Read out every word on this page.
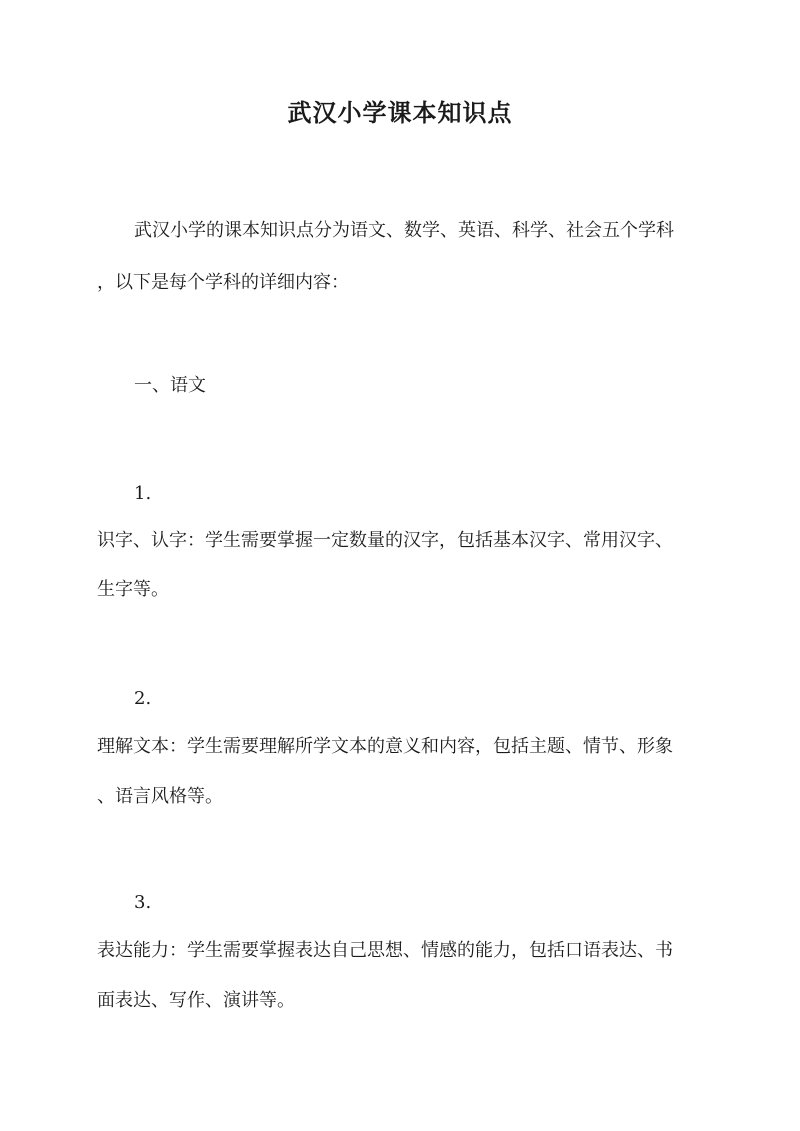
武汉小学课本知识点
武汉小学的课本知识点分为语文、数学、英语、科学、社会五个学科
，以下是每个学科的详细内容：
一、语文
1.
识字、认字：学生需要掌握一定数量的汉字，包括基本汉字、常用汉字、
生字等。
2.
理解文本：学生需要理解所学文本的意义和内容，包括主题、情节、形象
、语言风格等。
3.
表达能力：学生需要掌握表达自己思想、情感的能力，包括口语表达、书
面表达、写作、演讲等。
